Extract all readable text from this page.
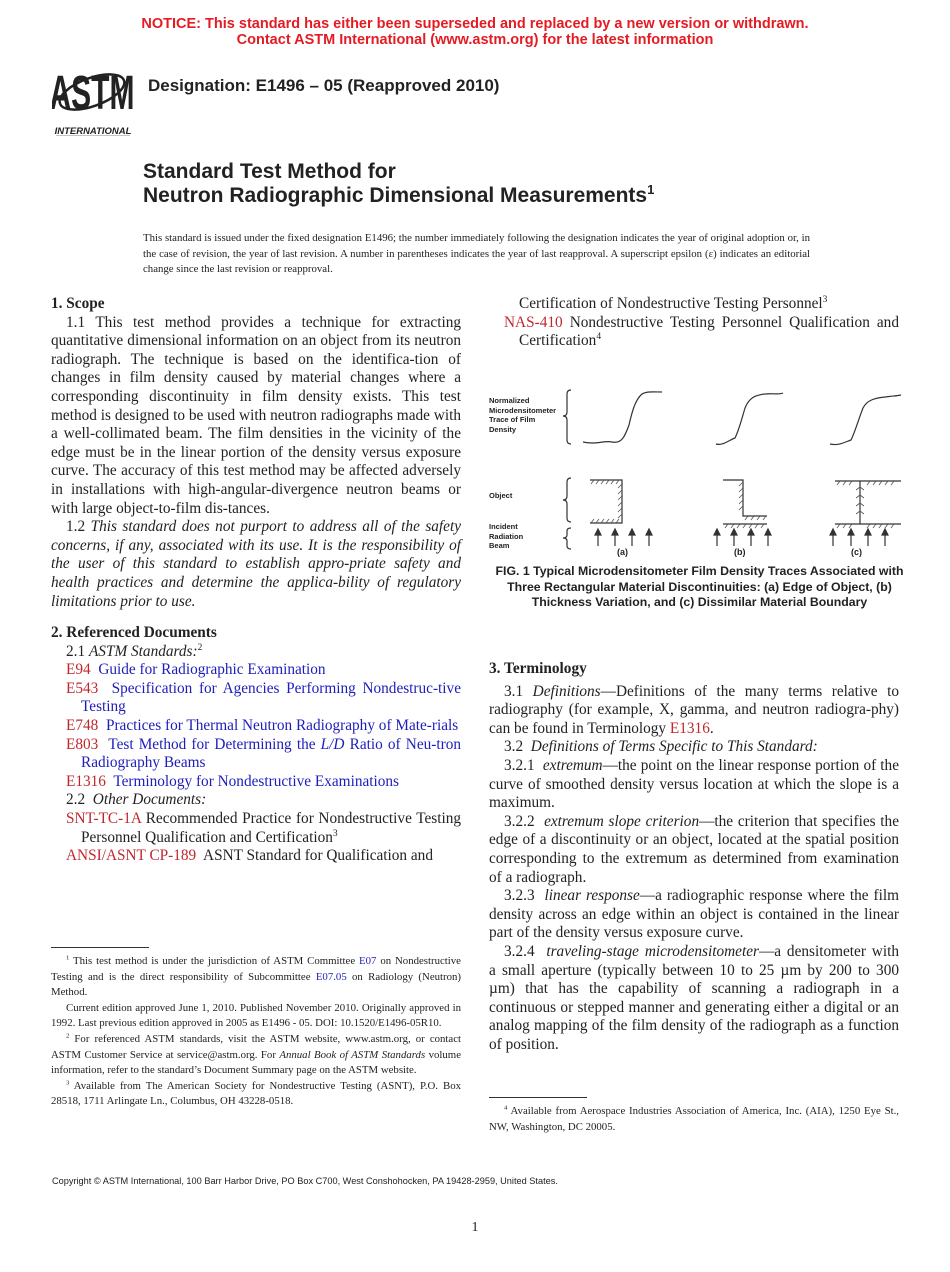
NOTICE: This standard has either been superseded and replaced by a new version or withdrawn.
Contact ASTM International (www.astm.org) for the latest information
ASTM
INTERNATIONAL
Designation: E1496 – 05 (Reapproved 2010)
Standard Test Method for
Neutron Radiographic Dimensional Measurements$^1$
This standard is issued under the fixed designation E1496; the number immediately following the designation indicates the year of original adoption or, in the case of revision, the year of last revision. A number in parentheses indicates the year of last reapproval. A superscript epsilon (ε) indicates an editorial change since the last revision or reapproval.

1. Scope

1.1 This test method provides a technique for extracting quantitative dimensional information on an object from its neutron radiograph. The technique is based on the identifica-tion of changes in film density caused by material changes where a corresponding discontinuity in film density exists. This test method is designed to be used with neutron radiographs made with a well-collimated beam. The film densities in the vicinity of the edge must be in the linear portion of the density versus exposure curve. The accuracy of this test method may be affected adversely in installations with high-angular-divergence neutron beams or with large object-to-film dis-tances.

1.2 This standard does not purport to address all of the safety concerns, if any, associated with its use. It is the responsibility of the user of this standard to establish appro-priate safety and health practices and determine the applica-bility of regulatory limitations prior to use.

2. Referenced Documents

2.1 ASTM Standards:$^2$

E94 Guide for Radiographic Examination

E543 Specification for Agencies Performing Nondestruc-tive Testing

E748 Practices for Thermal Neutron Radiography of Mate-rials

E803 Test Method for Determining the L/D Ratio of Neu-tron Radiography Beams

E1316 Terminology for Nondestructive Examinations

2.2 Other Documents:

SNT-TC-1A Recommended Practice for Nondestructive Testing Personnel Qualification and Certification$^3$

ANSI/ASNT CP-189 ASNT Standard for Qualification and

$^1$ This test method is under the jurisdiction of ASTM Committee E07 on Nondestructive Testing and is the direct responsibility of Subcommittee E07.05 on Radiology (Neutron) Method.

Current edition approved June 1, 2010. Published November 2010. Originally approved in 1992. Last previous edition approved in 2005 as E1496 - 05. DOI: 10.1520/E1496-05R10.

$^2$ For referenced ASTM standards, visit the ASTM website, www.astm.org, or contact ASTM Customer Service at service@astm.org. For Annual Book of ASTM Standards volume information, refer to the standard’s Document Summary page on the ASTM website.

$^3$ Available from The American Society for Nondestructive Testing (ASNT), P.O. Box 28518, 1711 Arlingate Ln., Columbus, OH 43228-0518.

Certification of Nondestructive Testing Personnel$^3$

NAS-410 Nondestructive Testing Personnel Qualification and Certification$^4$

Normalized
Microdensitometer
Trace of Film
Density
Object
Incident
Radiation
Beam
(a)	(b)	(c)
FIG. 1 Typical Microdensitometer Film Density Traces Associated with Three Rectangular Material Discontinuities: (a) Edge of Object, (b) Thickness Variation, and (c) Dissimilar Material Boundary

3. Terminology

3.1 Definitions—Definitions of the many terms relative to radiography (for example, X, gamma, and neutron radiogra-phy) can be found in Terminology E1316.

3.2 Definitions of Terms Specific to This Standard:

3.2.1 extremum—the point on the linear response portion of the curve of smoothed density versus location at which the slope is a maximum.

3.2.2 extremum slope criterion—the criterion that specifies the edge of a discontinuity or an object, located at the spatial position corresponding to the extremum as determined from examination of a radiograph.

3.2.3 linear response—a radiographic response where the film density across an edge within an object is contained in the linear part of the density versus exposure curve.

3.2.4 traveling-stage microdensitometer—a densitometer with a small aperture (typically between 10 to 25 µm by 200 to 300 µm) that has the capability of scanning a radiograph in a continuous or stepped manner and generating either a digital or an analog mapping of the film density of the radiograph as a function of position.

$^4$ Available from Aerospace Industries Association of America, Inc. (AIA), 1250 Eye St., NW, Washington, DC 20005.

Copyright © ASTM International, 100 Barr Harbor Drive, PO Box C700, West Conshohocken, PA 19428-2959, United States.
1
